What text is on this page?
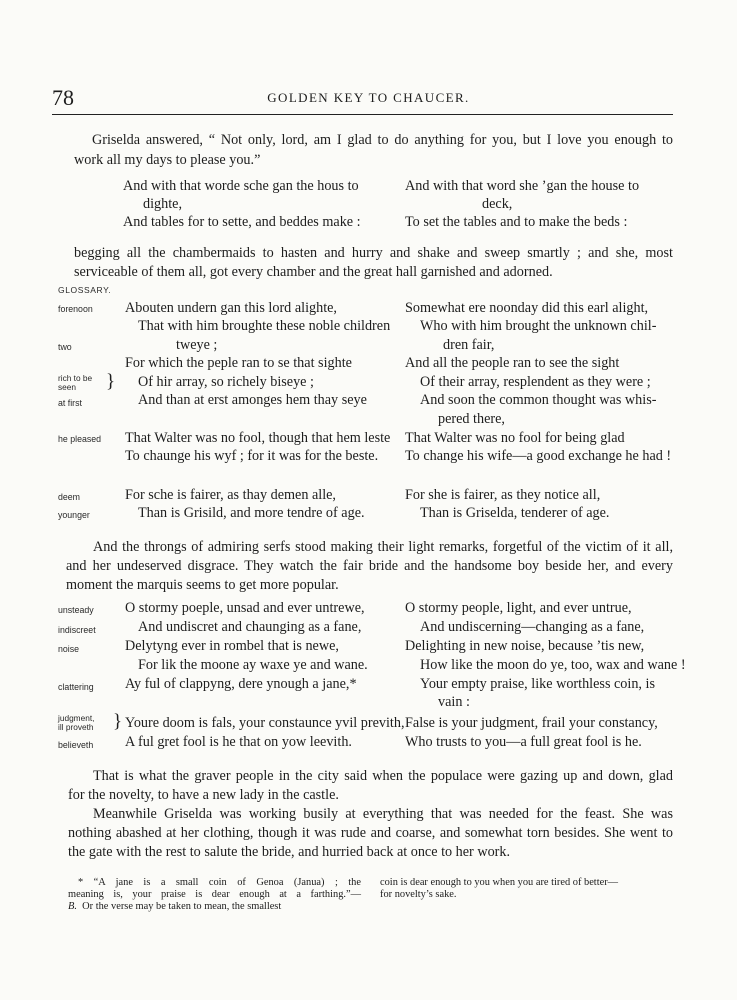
78	GOLDEN KEY TO CHAUCER.
Griselda answered, “ Not only, lord, am I glad to do anything for you, but I love you enough to
work all my days to please you.”
And with that worde sche gan the hous to
dighte,
And tables for to sette, and beddes make :
And with that word she ’gan the house to
deck,
To set the tables and to make the beds :
begging all the chambermaids to hasten and hurry and shake and sweep smartly ; and she, most
serviceable of them all, got every chamber and the great hall garnished and adorned.
GLOSSARY.
forenoon
two
rich to be
seen }
at first
he pleased
Abouten undern gan this lord alighte,
That with him broughte these noble children
tweye ;
For which the peple ran to se that sighte
Of hir array, so richely biseye ;
And than at erst amonges hem thay seye
That Walter was no fool, though that hem leste
To chaunge his wyf ; for it was for the beste.
Somewhat ere noonday did this earl alight,
Who with him brought the unknown chil-
dren fair,
And all the people ran to see the sight
Of their array, resplendent as they were ;
And soon the common thought was whis-
pered there,
That Walter was no fool for being glad
To change his wife—a good exchange he had !
deem
younger
For sche is fairer, as thay demen alle,
Than is Grisild, and more tendre of age.
For she is fairer, as they notice all,
Than is Griselda, tenderer of age.
And the throngs of admiring serfs stood making their light remarks, forgetful of the victim of it all,
and her undeserved disgrace. They watch the fair bride and the handsome boy beside her, and every
moment the marquis seems to get more popular.
unsteady
indiscreet
noise
clattering
judgment,
ill proveth }
believeth
O stormy poeple, unsad and ever untrewe,
And undiscret and chaunging as a fane,
Delytyng ever in rombel that is newe,
For lik the moone ay waxe ye and wane.
Ay ful of clappyng, dere ynough a jane,*
Youre doom is fals, your constaunce yvil previth,
A ful gret fool is he that on yow leevith.
O stormy people, light, and ever untrue,
And undiscerning—changing as a fane,
Delighting in new noise, because ’tis new,
How like the moon do ye, too, wax and wane !
Your empty praise, like worthless coin, is
vain :
False is your judgment, frail your constancy,
Who trusts to you—a full great fool is he.
That is what the graver people in the city said when the populace were gazing up and down, glad
for the novelty, to have a new lady in the castle.
Meanwhile Griselda was working busily at everything that was needed for the feast. She was
nothing abashed at her clothing, though it was rude and coarse, and somewhat torn besides. She went to
the gate with the rest to salute the bride, and hurried back at once to her work.
* “A jane is a small coin of Genoa (Janua) ; the
meaning is, your praise is dear enough at a farthing.”—
B. Or the verse may be taken to mean, the smallest
coin is dear enough to you when you are tired of better—
for novelty’s sake.
